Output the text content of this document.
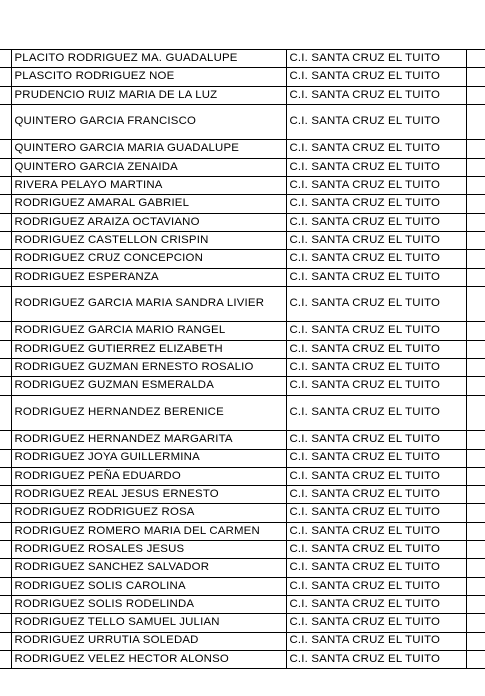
	PLACITO RODRIGUEZ MA. GUADALUPE	C.I. SANTA CRUZ EL TUITO	
	PLASCITO RODRIGUEZ NOE	C.I. SANTA CRUZ EL TUITO	
	PRUDENCIO RUIZ MARIA DE LA LUZ	C.I. SANTA CRUZ EL TUITO	
	QUINTERO GARCIA FRANCISCO	C.I. SANTA CRUZ EL TUITO	
	QUINTERO GARCIA MARIA GUADALUPE	C.I. SANTA CRUZ EL TUITO	
	QUINTERO GARCIA ZENAIDA	C.I. SANTA CRUZ EL TUITO	
	RIVERA PELAYO MARTINA	C.I. SANTA CRUZ EL TUITO	
	RODRIGUEZ AMARAL GABRIEL	C.I. SANTA CRUZ EL TUITO	
	RODRIGUEZ ARAIZA OCTAVIANO	C.I. SANTA CRUZ EL TUITO	
	RODRIGUEZ CASTELLON CRISPIN	C.I. SANTA CRUZ EL TUITO	
	RODRIGUEZ CRUZ CONCEPCION	C.I. SANTA CRUZ EL TUITO	
	RODRIGUEZ ESPERANZA	C.I. SANTA CRUZ EL TUITO	
	RODRIGUEZ GARCIA MARIA SANDRA LIVIER	C.I. SANTA CRUZ EL TUITO	
	RODRIGUEZ GARCIA MARIO RANGEL	C.I. SANTA CRUZ EL TUITO	
	RODRIGUEZ GUTIERREZ ELIZABETH	C.I. SANTA CRUZ EL TUITO	
	RODRIGUEZ GUZMAN ERNESTO ROSALIO	C.I. SANTA CRUZ EL TUITO	
	RODRIGUEZ GUZMAN ESMERALDA	C.I. SANTA CRUZ EL TUITO	
	RODRIGUEZ HERNANDEZ BERENICE	C.I. SANTA CRUZ EL TUITO	
	RODRIGUEZ HERNANDEZ MARGARITA	C.I. SANTA CRUZ EL TUITO	
	RODRIGUEZ JOYA GUILLERMINA	C.I. SANTA CRUZ EL TUITO	
	RODRIGUEZ PEÑA EDUARDO	C.I. SANTA CRUZ EL TUITO	
	RODRIGUEZ REAL JESUS ERNESTO	C.I. SANTA CRUZ EL TUITO	
	RODRIGUEZ RODRIGUEZ ROSA	C.I. SANTA CRUZ EL TUITO	
	RODRIGUEZ ROMERO MARIA DEL CARMEN	C.I. SANTA CRUZ EL TUITO	
	RODRIGUEZ ROSALES JESUS	C.I. SANTA CRUZ EL TUITO	
	RODRIGUEZ SANCHEZ SALVADOR	C.I. SANTA CRUZ EL TUITO	
	RODRIGUEZ SOLIS CAROLINA	C.I. SANTA CRUZ EL TUITO	
	RODRIGUEZ SOLIS RODELINDA	C.I. SANTA CRUZ EL TUITO	
	RODRIGUEZ TELLO SAMUEL JULIAN	C.I. SANTA CRUZ EL TUITO	
	RODRIGUEZ URRUTIA SOLEDAD	C.I. SANTA CRUZ EL TUITO	
	RODRIGUEZ VELEZ HECTOR ALONSO	C.I. SANTA CRUZ EL TUITO	
